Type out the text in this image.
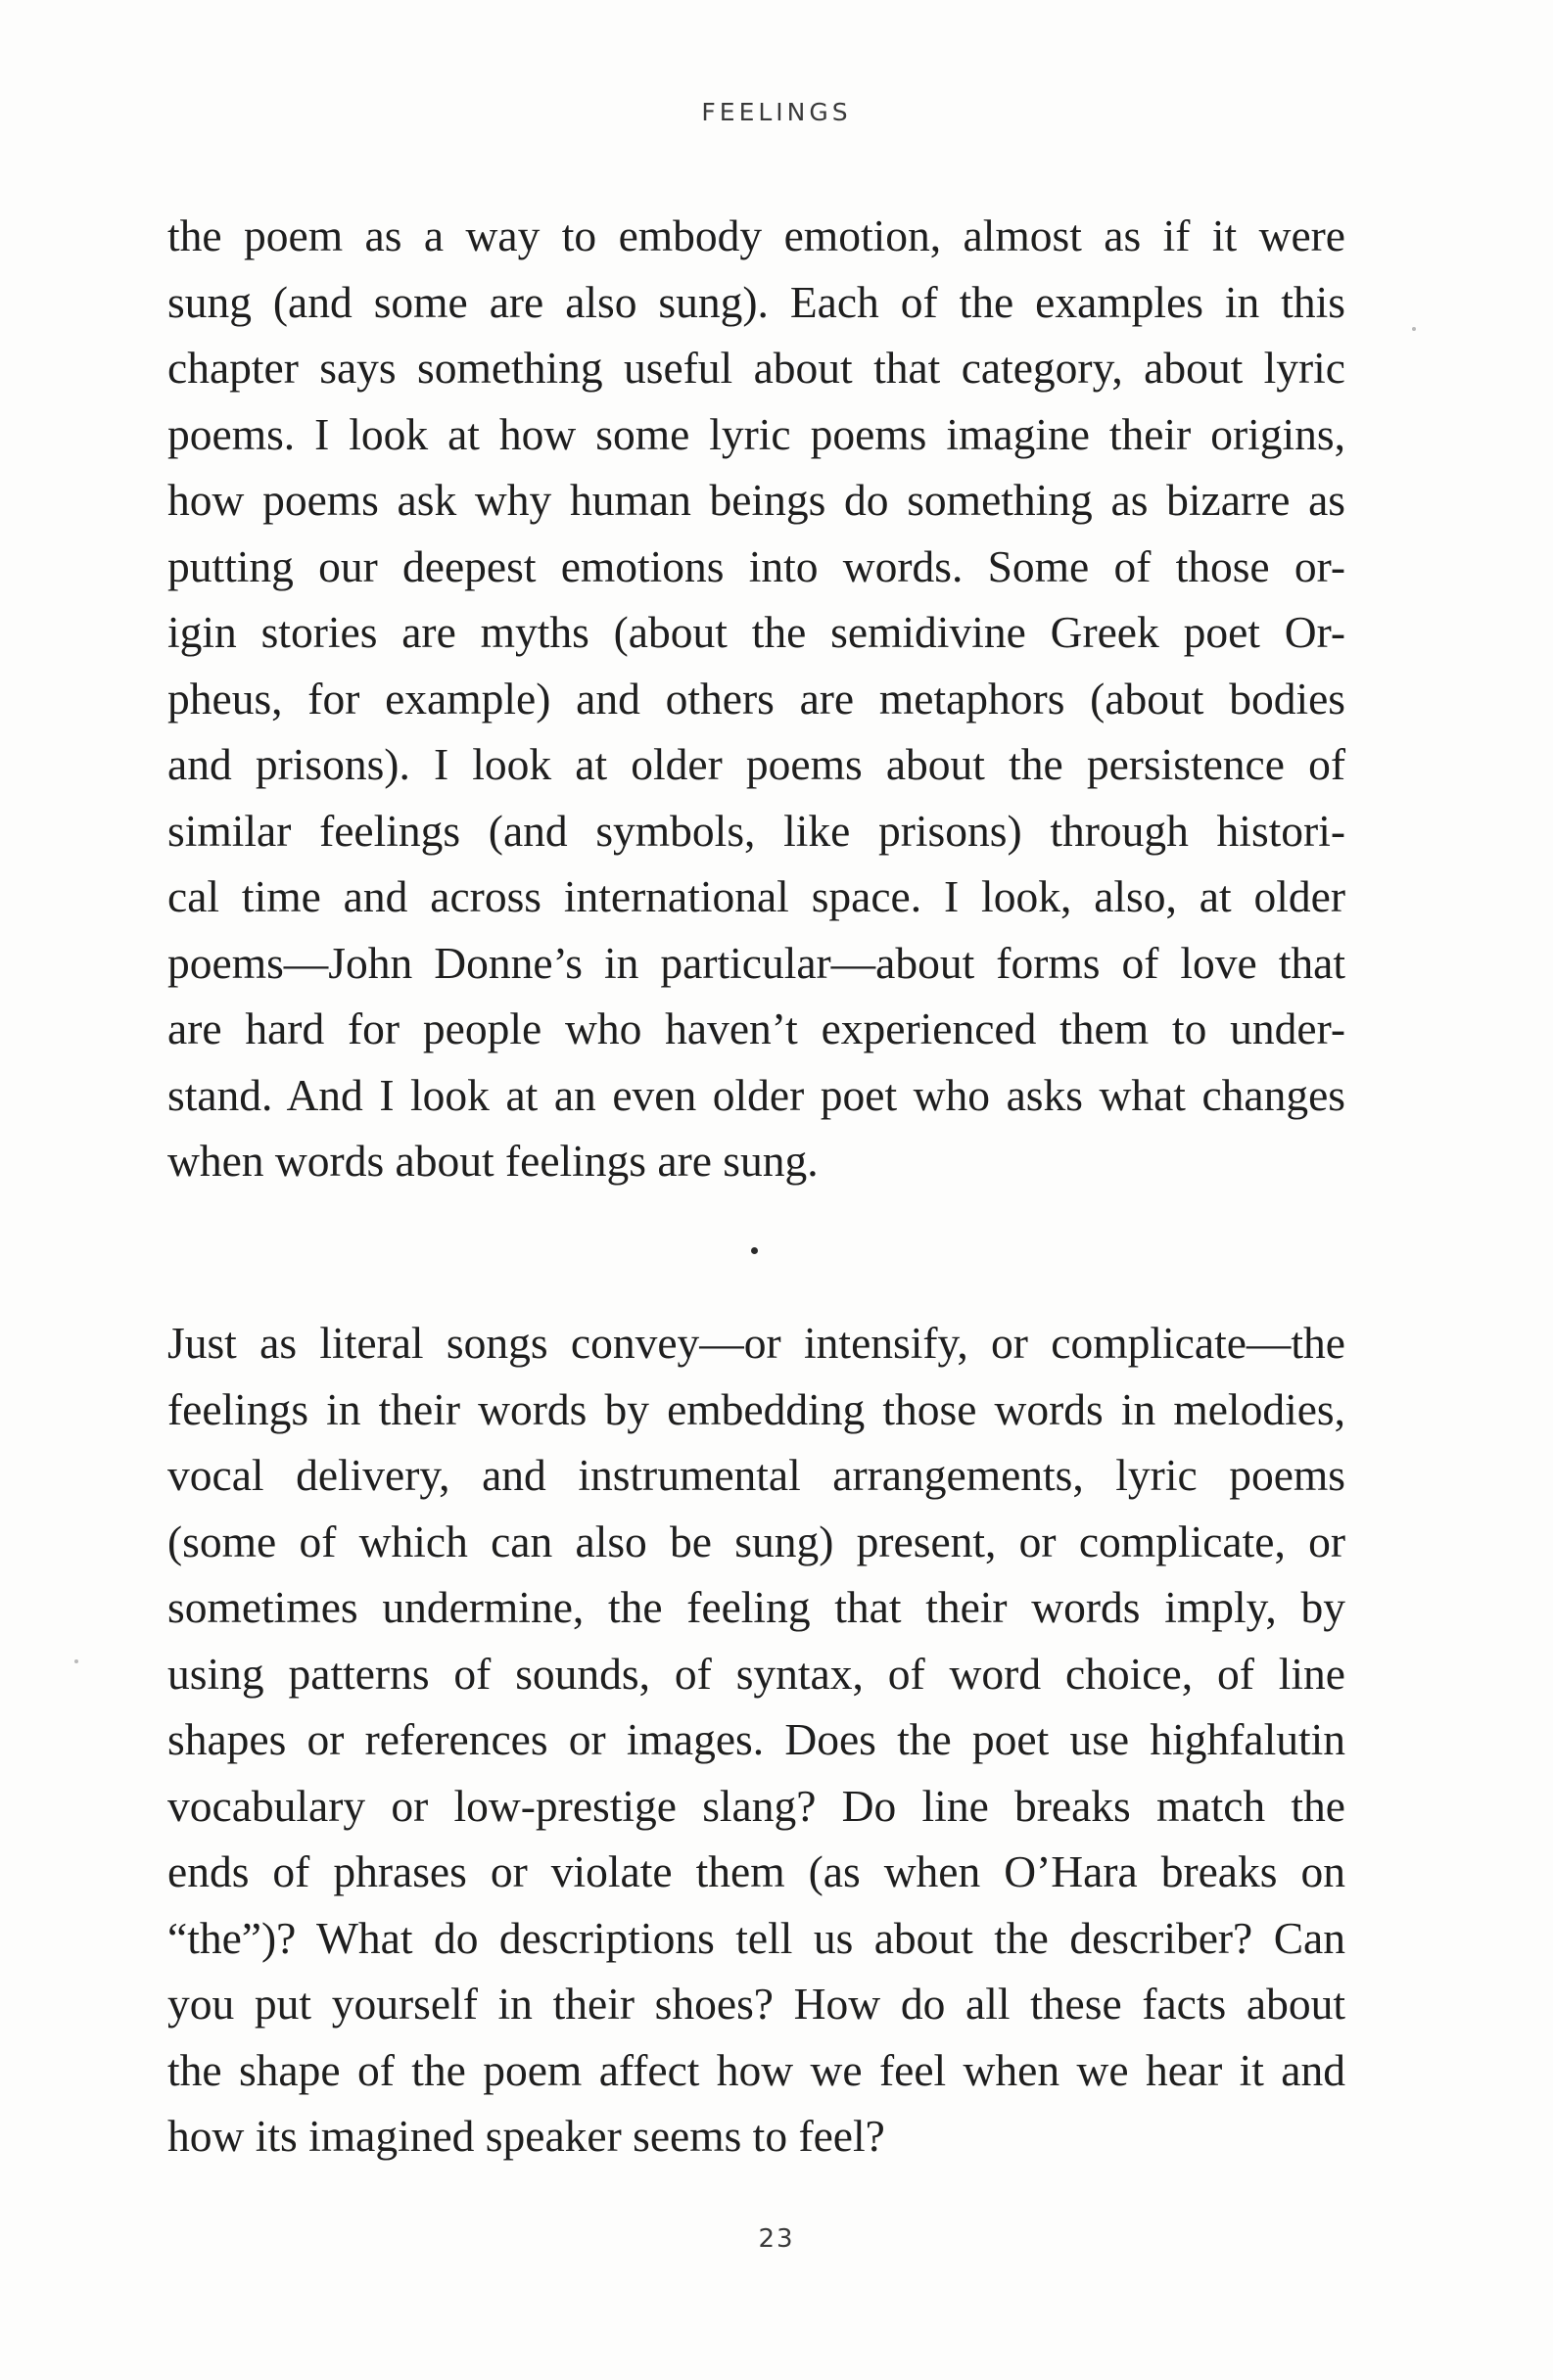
FEELINGS
the poem as a way to embody emotion, almost as if it were
sung (and some are also sung). Each of the examples in this
chapter says something useful about that category, about lyric
poems. I look at how some lyric poems imagine their origins,
how poems ask why human beings do something as bizarre as
putting our deepest emotions into words. Some of those or-
igin stories are myths (about the semidivine Greek poet Or-
pheus, for example) and others are metaphors (about bodies
and prisons). I look at older poems about the persistence of
similar feelings (and symbols, like prisons) through histori-
cal time and across international space. I look, also, at older
poems—John Donne’s in particular—about forms of love that
are hard for people who haven’t experienced them to under-
stand. And I look at an even older poet who asks what changes
when words about feelings are sung.
Just as literal songs convey—or intensify, or complicate—the
feelings in their words by embedding those words in melodies,
vocal delivery, and instrumental arrangements, lyric poems
(some of which can also be sung) present, or complicate, or
sometimes undermine, the feeling that their words imply, by
using patterns of sounds, of syntax, of word choice, of line
shapes or references or images. Does the poet use highfalutin
vocabulary or low-prestige slang? Do line breaks match the
ends of phrases or violate them (as when O’Hara breaks on
“the”)? What do descriptions tell us about the describer? Can
you put yourself in their shoes? How do all these facts about
the shape of the poem affect how we feel when we hear it and
how its imagined speaker seems to feel?
23
